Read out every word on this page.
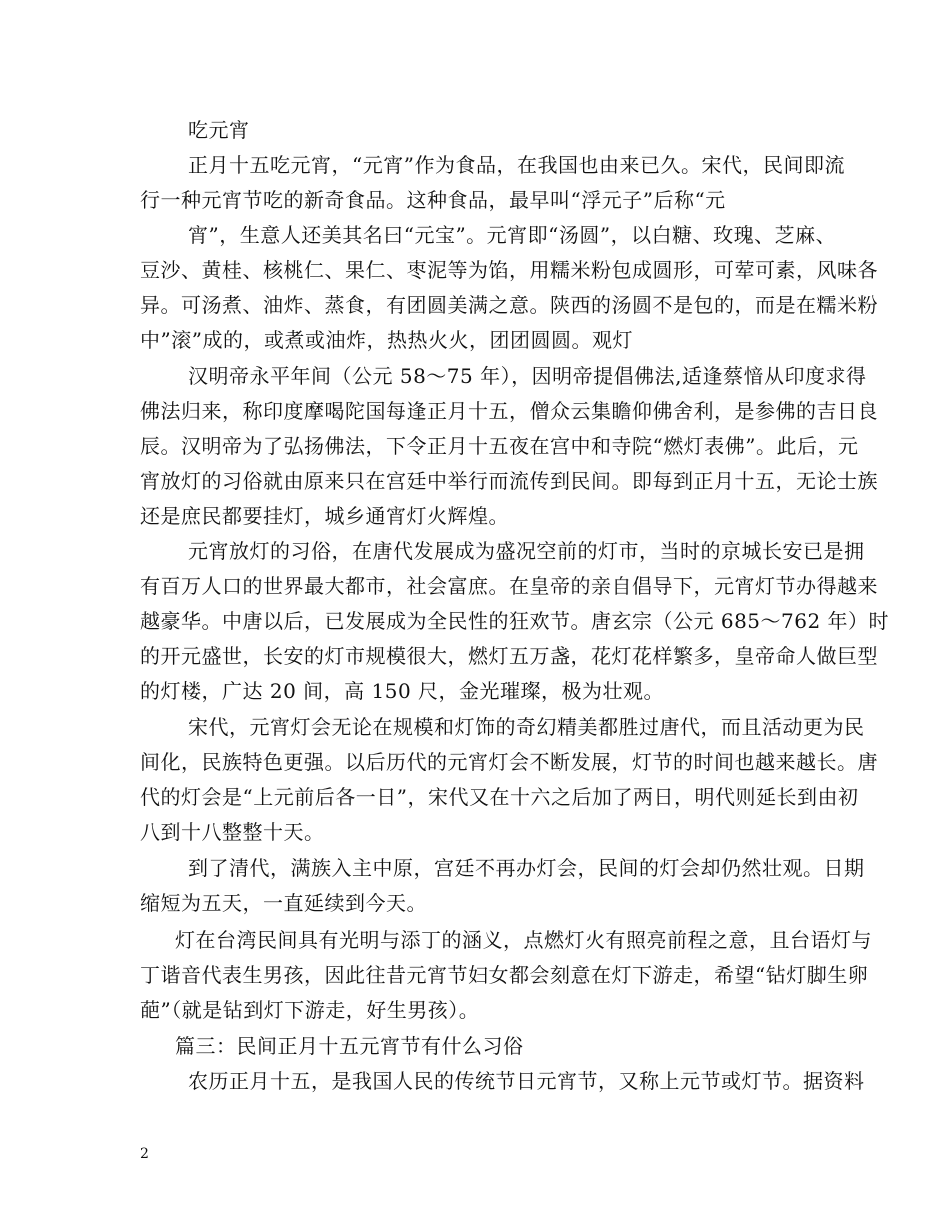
吃元宵
正月十五吃元宵，“元宵”作为食品，在我国也由来已久。宋代，民间即流
行一种元宵节吃的新奇食品。这种食品，最早叫“浮元子”后称“元
宵”，生意人还美其名曰“元宝”。元宵即“汤圆”，以白糖、玫瑰、芝麻、
豆沙、黄桂、核桃仁、果仁、枣泥等为馅，用糯米粉包成圆形，可荤可素，风味各
异。可汤煮、油炸、蒸食，有团圆美满之意。陕西的汤圆不是包的，而是在糯米粉
中”滚”成的，或煮或油炸，热热火火，团团圆圆。观灯
汉明帝永平年间（公元 58～75 年），因明帝提倡佛法,适逢蔡愔从印度求得
佛法归来，称印度摩喝陀国每逢正月十五，僧众云集瞻仰佛舍利，是参佛的吉日良
辰。汉明帝为了弘扬佛法，下令正月十五夜在宫中和寺院“燃灯表佛”。此后，元
宵放灯的习俗就由原来只在宫廷中举行而流传到民间。即每到正月十五，无论士族
还是庶民都要挂灯，城乡通宵灯火辉煌。
元宵放灯的习俗，在唐代发展成为盛况空前的灯市，当时的京城长安已是拥
有百万人口的世界最大都市，社会富庶。在皇帝的亲自倡导下，元宵灯节办得越来
越豪华。中唐以后，已发展成为全民性的狂欢节。唐玄宗（公元 685～762 年）时
的开元盛世，长安的灯市规模很大，燃灯五万盏，花灯花样繁多，皇帝命人做巨型
的灯楼，广达 20 间，高 150 尺，金光璀璨，极为壮观。
宋代，元宵灯会无论在规模和灯饰的奇幻精美都胜过唐代，而且活动更为民
间化，民族特色更强。以后历代的元宵灯会不断发展，灯节的时间也越来越长。唐
代的灯会是“上元前后各一日”，宋代又在十六之后加了两日，明代则延长到由初
八到十八整整十天。
到了清代，满族入主中原，宫廷不再办灯会，民间的灯会却仍然壮观。日期
缩短为五天，一直延续到今天。
灯在台湾民间具有光明与添丁的涵义，点燃灯火有照亮前程之意，且台语灯与
丁谐音代表生男孩，因此往昔元宵节妇女都会刻意在灯下游走，希望“钻灯脚生卵
葩”（就是钻到灯下游走，好生男孩）。
篇三：民间正月十五元宵节有什么习俗
农历正月十五，是我国人民的传统节日元宵节，又称上元节或灯节。据资料
2
